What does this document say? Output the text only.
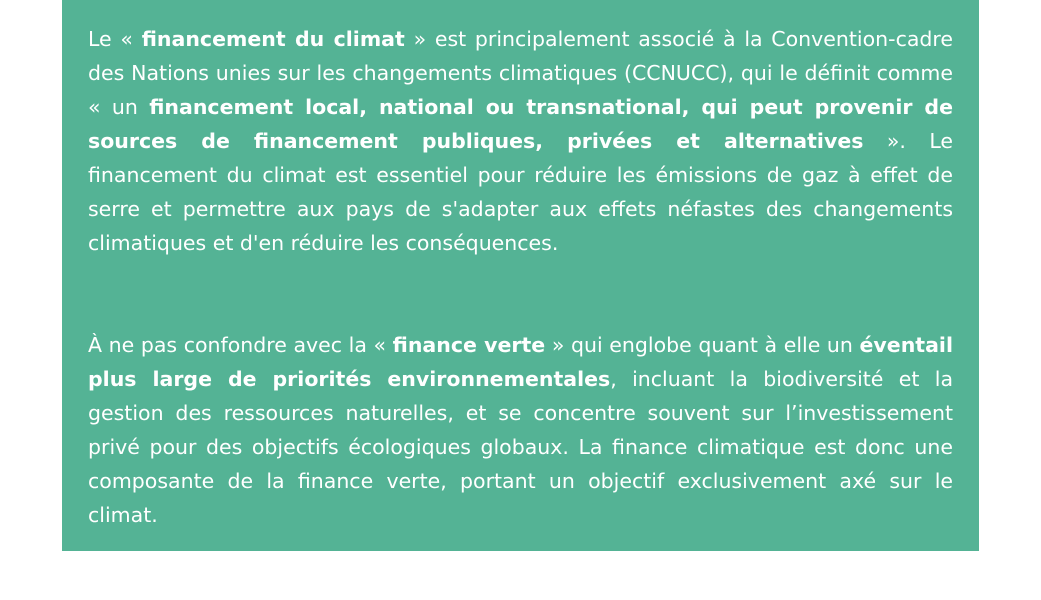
Le « financement du climat » est principalement associé à la Convention-cadre des Nations unies sur les changements climatiques (CCNUCC), qui le définit comme « un financement local, national ou transnational, qui peut provenir de sources de financement publiques, privées et alternatives ». Le financement du climat est essentiel pour réduire les émissions de gaz à effet de serre et permettre aux pays de s'adapter aux effets néfastes des changements climatiques et d'en réduire les conséquences.

À ne pas confondre avec la « finance verte » qui englobe quant à elle un éventail plus large de priorités environnementales, incluant la biodiversité et la gestion des ressources naturelles, et se concentre souvent sur l’investissement privé pour des objectifs écologiques globaux. La finance climatique est donc une composante de la finance verte, portant un objectif exclusivement axé sur le climat.
